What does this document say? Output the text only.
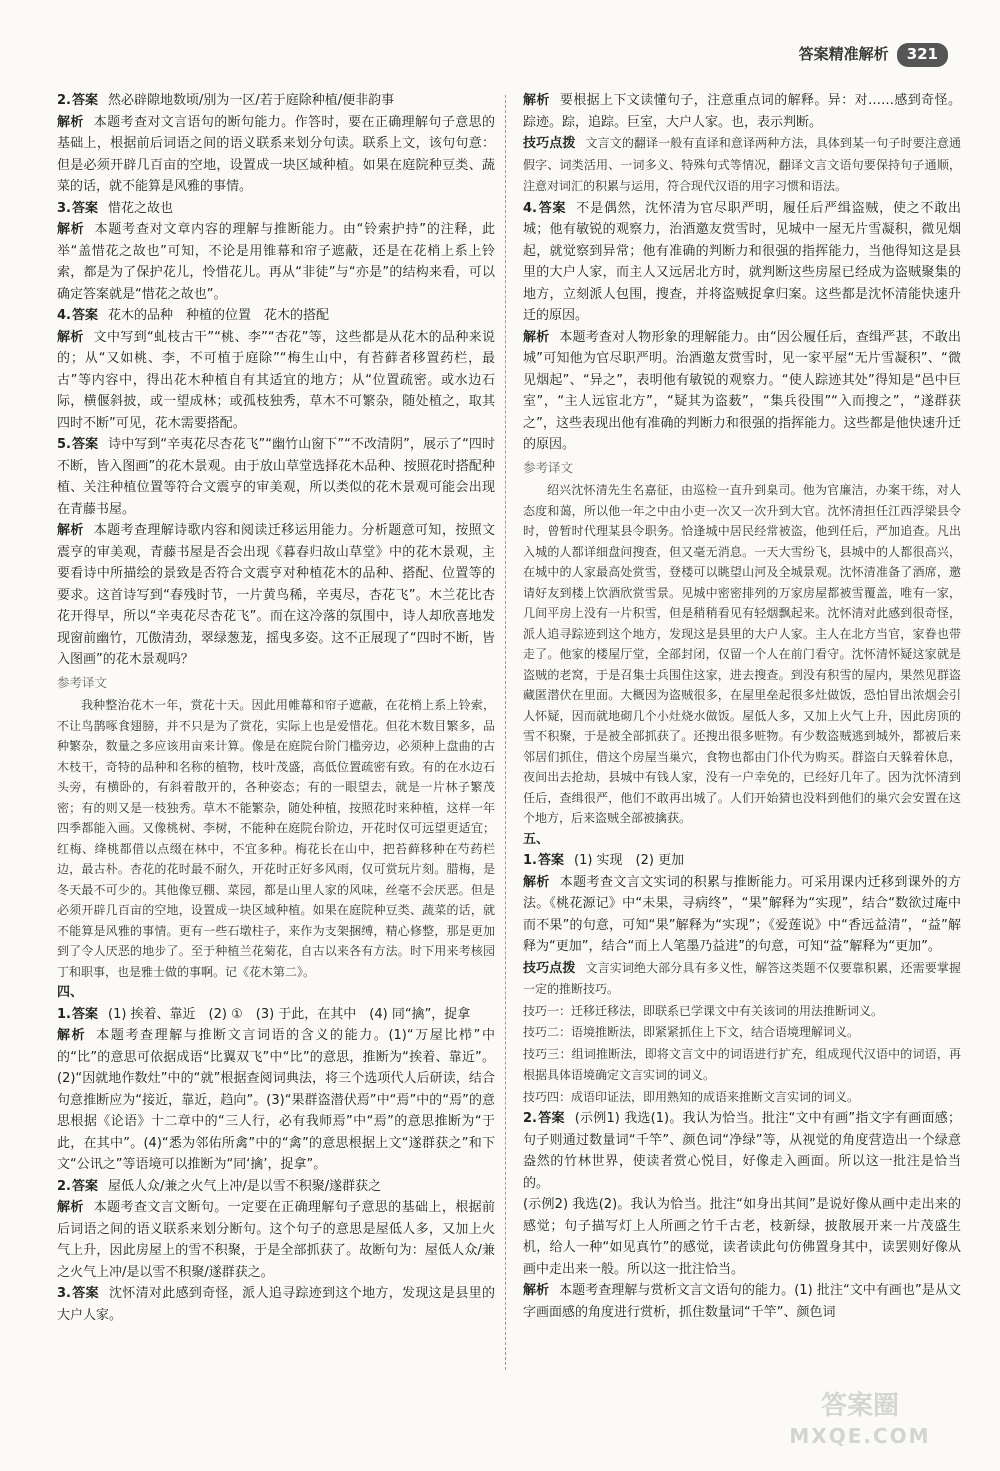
答案精准解析	321

2.答案 然必辟隙地数顷/别为一区/若于庭除种植/便非韵事

解析 本题考查对文言语句的断句能力。作答时，要在正确理解句子意思的基础上，根据前后词语之间的语义联系来划分句读。联系上文，该句句意：但是必须开辟几百亩的空地，设置成一块区域种植。如果在庭院种豆类、蔬菜的话，就不能算是风雅的事情。

3.答案 惜花之故也

解析 本题考查对文章内容的理解与推断能力。由“铃索护持”的注释，此举“盖惜花之故也”可知，不论是用锥幕和帘子遮蔽，还是在花梢上系上铃索，都是为了保护花儿，怜惜花儿。再从“非徒”与“亦是”的结构来看，可以确定答案就是“惜花之故也”。

4.答案 花木的品种　种植的位置　花木的搭配

解析 文中写到“虬枝古干”“桃、李”“杏花”等，这些都是从花木的品种来说的；从“又如桃、李，不可植于庭除”“梅生山中，有苔藓者移置药栏，最古”等内容中，得出花木种植自有其适宜的地方；从“位置疏密。或水边石际，横偃斜披，或一望成林；或孤枝独秀，草木不可繁杂，随处植之，取其四时不断”可见，花木需要搭配。

5.答案 诗中写到“辛夷花尽杏花飞”“幽竹山窗下”“不改清阴”，展示了“四时不断，皆入图画”的花木景观。由于放山草堂选择花木品种、按照花时搭配种植、关注种植位置等符合文震亨的审美观，所以类似的花木景观可能会出现在青藤书屋。

解析 本题考查理解诗歌内容和阅读迁移运用能力。分析题意可知，按照文震亨的审美观，青藤书屋是否会出现《暮春归故山草堂》中的花木景观，主要看诗中所描绘的景致是否符合文震亨对种植花木的品种、搭配、位置等的要求。这首诗写到“春残时节，一片黄鸟稀，辛夷尽，杏花飞”。木兰花比杏花开得早，所以“辛夷花尽杏花飞”。而在这冷落的氛围中，诗人却欣喜地发现窗前幽竹，兀傲清劲，翠绿葱茏，摇曳多姿。这不正展现了“四时不断，皆入图画”的花木景观吗？

参考译文

我种整治花木一年，赏花十天。因此用帷幕和帘子遮蔽，在花梢上系上铃索，不让鸟鹊啄食翅膀，并不只是为了赏花，实际上也是爱惜花。但花木数目繁多，品种繁杂，数量之多应该用亩来计算。像是在庭院台阶门槛旁边，必须种上盘曲的古木枝干，奇特的品种和名称的植物，枝叶茂盛，高低位置疏密有致。有的在水边石头旁，有横卧的，有斜着散开的，各种姿态；有的一眼望去，就是一片林子繁茂密；有的则又是一枝独秀。草木不能繁杂，随处种植，按照花时来种植，这样一年四季都能入画。又像桃树、李树，不能种在庭院台阶边，开花时仅可远望更适宜；红梅、绛桃都借以点缀在林中，不宜多种。梅花长在山中，把苔藓移种在芍药栏边，最古朴。杏花的花时最不耐久，开花时正好多风雨，仅可赏玩片刻。腊梅，是冬天最不可少的。其他像豆棚、菜园，都是山里人家的风味，丝毫不会厌恶。但是必须开辟几百亩的空地，设置成一块区域种植。如果在庭院种豆类、蔬菜的话，就不能算是风雅的事情。更有一些石墩柱子，来作为支架捆缚，精心修整，那是更加到了令人厌恶的地步了。至于种植兰花菊花，自古以来各有方法。时下用来考核园丁和职事，也是雅士做的事啊。记《花木第二》。

四、

1.答案 (1) 挨着、靠近　(2) ①　(3) 于此，在其中　(4) 同“擒”，捉拿

解析 本题考查理解与推断文言词语的含义的能力。(1)“万屋比栉”中的“比”的意思可依据成语“比翼双飞”中“比”的意思，推断为“挨着、靠近”。(2)“因就地作数灶”中的“就”根据查阅词典法，将三个选项代人后研读，结合句意推断应为“接近，靠近，趋向”。(3)“果群盗潜伏焉”中“焉”中的“焉”的意思根据《论语》十二章中的“三人行，必有我师焉”中“焉”的意思推断为“于此，在其中”。(4)“悉为邻佑所禽”中的“禽”的意思根据上文“遂群获之”和下文“公讯之”等语境可以推断为“同‘擒’，捉拿”。

2.答案 屋低人众/兼之火气上冲/是以雪不积聚/遂群获之

解析 本题考查文言文断句。一定要在正确理解句子意思的基础上，根据前后词语之间的语义联系来划分断句。这个句子的意思是屋低人多，又加上火气上升，因此房屋上的雪不积聚，于是全部抓获了。故断句为：屋低人众/兼之火气上冲/是以雪不积聚/遂群获之。

3.答案 沈怀清对此感到奇怪，派人追寻踪迹到这个地方，发现这是县里的大户人家。

解析 要根据上下文读懂句子，注意重点词的解释。异：对……感到奇怪。踪迹。踪，追踪。巨室，大户人家。也，表示判断。

技巧点拨 文言文的翻译一般有直译和意译两种方法，具体到某一句子时要注意通假字、词类活用、一词多义、特殊句式等情况，翻译文言文语句要保持句子通顺，注意对词汇的积累与运用，符合现代汉语的用字习惯和语法。

4.答案 不是偶然，沈怀清为官尽职严明，履任后严缉盗贼，使之不敢出城；他有敏锐的观察力，治酒邀友赏雪时，见城中一屋无片雪凝积，微见烟起，就觉察到异常；他有准确的判断力和很强的指挥能力，当他得知这是县里的大户人家，而主人又远居北方时，就判断这些房屋已经成为盗贼聚集的地方，立刻派人包围，搜查，并将盗贼捉拿归案。这些都是沈怀清能快速升迁的原因。

解析 本题考查对人物形象的理解能力。由“因公履任后，查缉严甚，不敢出城”可知他为官尽职严明。治酒邀友赏雪时，见一家平屋“无片雪凝积”、“微见烟起”、“异之”，表明他有敏锐的观察力。“使人踪迹其处”得知是“邑中巨室”，“主人远宦北方”，“疑其为盗薮”，“集兵役围”“入而搜之”，“遂群获之”，这些表现出他有准确的判断力和很强的指挥能力。这些都是他快速升迁的原因。

参考译文

绍兴沈怀清先生名嘉征，由巡检一直升到臬司。他为官廉洁，办案干练，对人态度和蔼，所以他一年之中由小吏一次又一次升到大官。沈怀清担任江西浮梁县令时，曾暂时代理某县令职务。恰逢城中居民经常被盗，他到任后，严加追查。凡出入城的人都详细盘问搜查，但又毫无消息。一天大雪纷飞，县城中的人都很高兴，在城中的人家最高处赏雪，登楼可以眺望山河及全城景观。沈怀清准备了酒席，邀请好友到楼上饮酒欣赏雪景。见城中密密排列的万家房屋都被雪覆盖，唯有一家，几间平房上没有一片积雪，但是稍稍看见有轻烟飘起来。沈怀清对此感到很奇怪，派人追寻踪迹到这个地方，发现这是县里的大户人家。主人在北方当官，家眷也带走了。他家的楼屋厅堂，全部封闭，仅留一个人在前门看守。沈怀清怀疑这家就是盗贼的老窝，于是召集士兵围住这家，进去搜查。到没有积雪的屋内，果然见群盗藏匿潜伏在里面。大概因为盗贼很多，在屋里垒起很多灶做饭，恐怕冒出浓烟会引人怀疑，因而就地砌几个小灶烧水做饭。屋低人多，又加上火气上升，因此房顶的雪不积聚，于是被全部抓获了。还搜出很多赃物。有少数盗贼逃到城外，都被后来邻居们抓住，借这个房屋当巢穴，食物也都由门仆代为购买。群盗白天躲着休息，夜间出去抢劫，县城中有钱人家，没有一户幸免的，已经好几年了。因为沈怀清到任后，查缉很严，他们不敢再出城了。人们开始猜也没料到他们的巢穴会安置在这个地方，后来盗贼全部被擒获。

五、

1.答案 (1) 实现　(2) 更加

解析 本题考查文言文实词的积累与推断能力。可采用课内迁移到课外的方法。《桃花源记》中“未果，寻病终”，“果”解释为“实现”，结合“数欲过庵中而不果”的句意，可知“果”解释为“实现”；《爱莲说》中“香远益清”，“益”解释为“更加”，结合“而上人笔墨乃益进”的句意，可知“益”解释为“更加”。

技巧点拨 文言实词绝大部分具有多义性，解答这类题不仅要靠积累，还需要掌握一定的推断技巧。

技巧一：迁移迁移法，即联系已学课文中有关该词的用法推断词义。

技巧二：语境推断法，即紧紧抓住上下文，结合语境理解词义。

技巧三：组词推断法，即将文言文中的词语进行扩充，组成现代汉语中的词语，再根据具体语境确定文言实词的词义。

技巧四：成语印证法，即用熟知的成语来推断文言实词的词义。

2.答案 (示例1) 我选(1)。我认为恰当。批注“文中有画”指文字有画面感；句子则通过数量词“千竿”、颜色词“净绿”等，从视觉的角度营造出一个绿意盎然的竹林世界，使读者赏心悦目，好像走入画面。所以这一批注是恰当的。

(示例2) 我选(2)。我认为恰当。批注“如身出其间”是说好像从画中走出来的感觉；句子描写灯上人所画之竹千古老，枝新绿，披散展开来一片茂盛生机，给人一种“如见真竹”的感觉，读者读此句仿佛置身其中，读罢则好像从画中走出来一般。所以这一批注恰当。

解析 本题考查理解与赏析文言文语句的能力。(1) 批注“文中有画也”是从文字画面感的角度进行赏析，抓住数量词“千竿”、颜色词

答案圈
MXQE.COM
